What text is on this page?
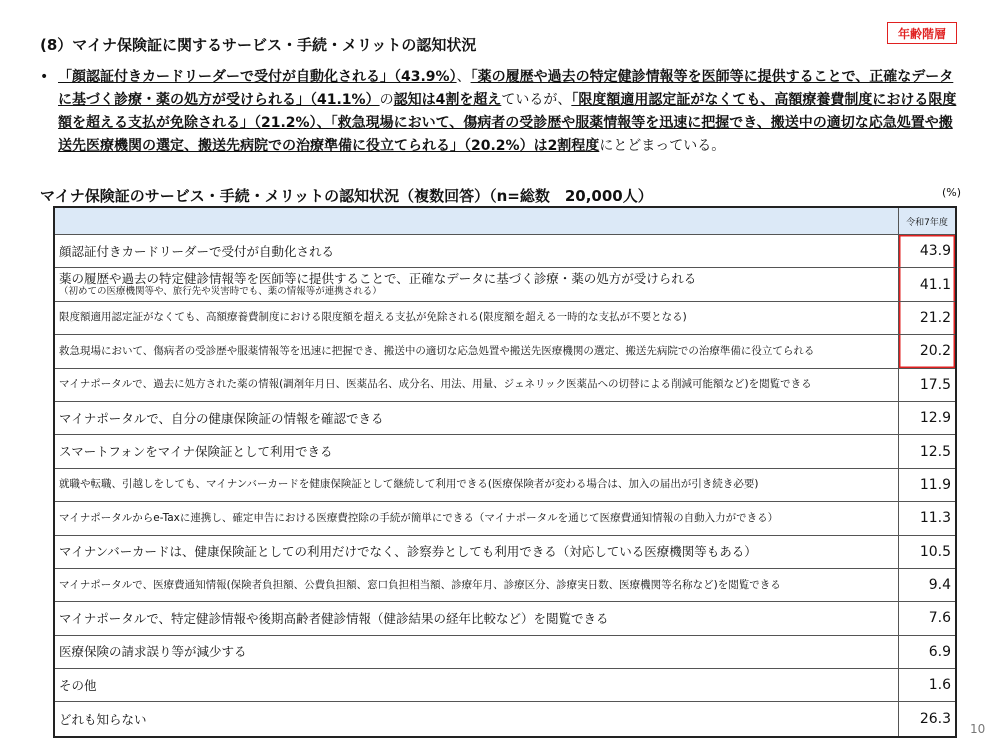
年齢階層
(8）マイナ保険証に関するサービス・手続・メリットの認知状況
• 「顔認証付きカードリーダーで受付が自動化される」（43.9%）、「薬の履歴や過去の特定健診情報等を医師等に提供することで、正確なデータに基づく診療・薬の処方が受けられる」（41.1%）の認知は4割を超えているが、「限度額適用認定証がなくても、高額療養費制度における限度額を超える支払が免除される」（21.2%）、「救急現場において、傷病者の受診歴や服薬情報等を迅速に把握でき、搬送中の適切な応急処置や搬送先医療機関の選定、搬送先病院での治療準備に役立てられる」（20.2%）は2割程度にとどまっている。
マイナ保険証のサービス・手続・メリットの認知状況（複数回答）（n=総数　20,000人）	(%)
令和7年度
顔認証付きカードリーダーで受付が自動化される	43.9
薬の履歴や過去の特定健診情報等を医師等に提供することで、正確なデータに基づく診療・薬の処方が受けられる
（初めての医療機関等や、旅行先や災害時でも、薬の情報等が連携される）	41.1
限度額適用認定証がなくても、高額療養費制度における限度額を超える支払が免除される(限度額を超える一時的な支払が不要となる)	21.2
救急現場において、傷病者の受診歴や服薬情報等を迅速に把握でき、搬送中の適切な応急処置や搬送先医療機関の選定、搬送先病院での治療準備に役立てられる	20.2
マイナポータルで、過去に処方された薬の情報(調剤年月日、医薬品名、成分名、用法、用量、ジェネリック医薬品への切替による削減可能額など)を閲覧できる	17.5
マイナポータルで、自分の健康保険証の情報を確認できる	12.9
スマートフォンをマイナ保険証として利用できる	12.5
就職や転職、引越しをしても、マイナンバーカードを健康保険証として継続して利用できる(医療保険者が変わる場合は、加入の届出が引き続き必要)	11.9
マイナポータルからe-Taxに連携し、確定申告における医療費控除の手続が簡単にできる（マイナポータルを通じて医療費通知情報の自動入力ができる）	11.3
マイナンバーカードは、健康保険証としての利用だけでなく、診察券としても利用できる（対応している医療機関等もある）	10.5
マイナポータルで、医療費通知情報(保険者負担額、公費負担額、窓口負担相当額、診療年月、診療区分、診療実日数、医療機関等名称など)を閲覧できる	9.4
マイナポータルで、特定健診情報や後期高齢者健診情報（健診結果の経年比較など）を閲覧できる	7.6
医療保険の請求誤り等が減少する	6.9
その他	1.6
どれも知らない	26.3
10
